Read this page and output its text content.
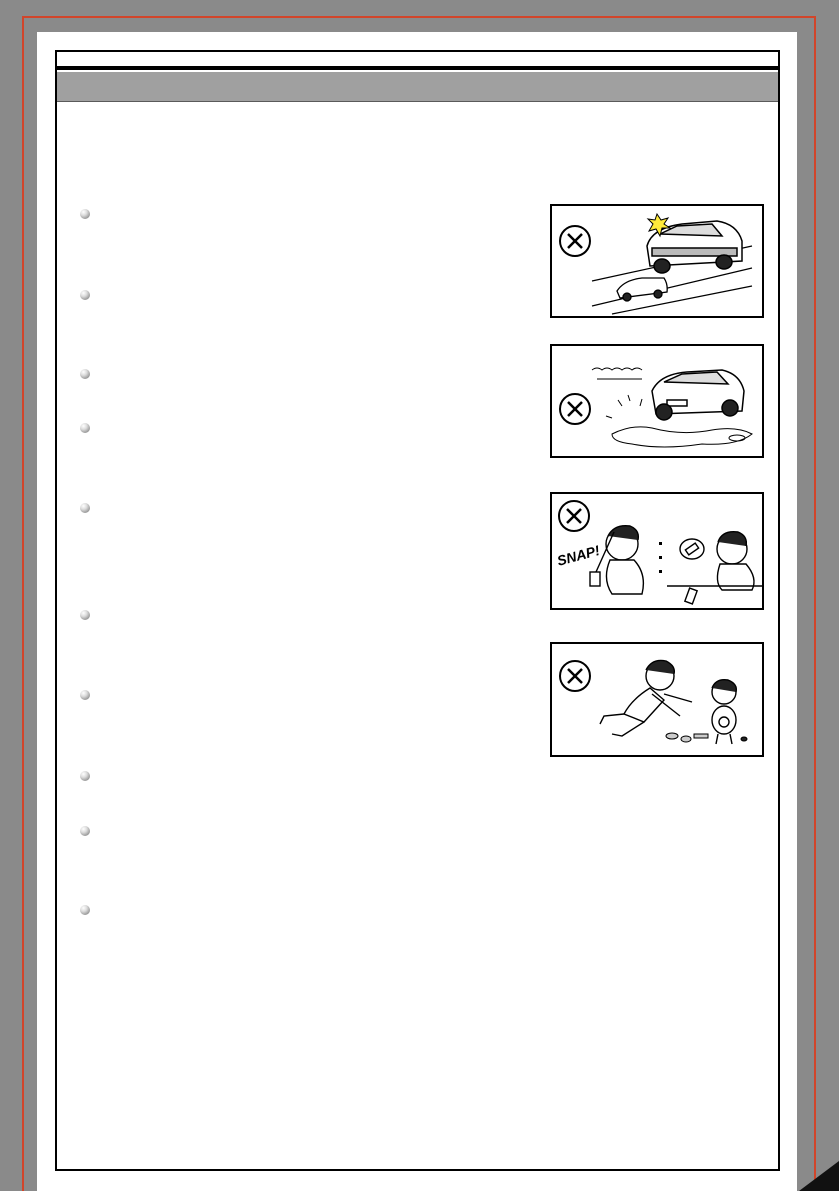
SNAP!
